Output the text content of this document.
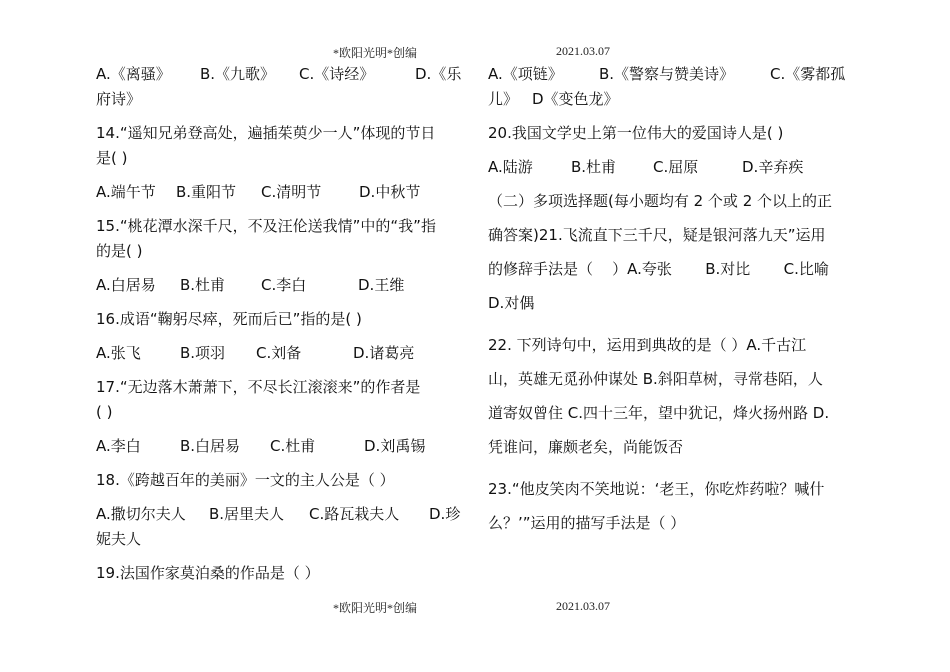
*欧阳光明*创编	2021.03.07

A.《离骚》 B.《九歌》 C.《诗经》	D.《乐

府诗》

14.“遥知兄弟登高处，遍插茱萸少一人”体现的节日

是( )

A.端午节 B.重阳节 C.清明节	D.中秋节

15.“桃花潭水深千尺，不及汪伦送我情”中的“我”指

的是( )

A.白居易 B.杜甫 C.李白	D.王维

16.成语“鞠躬尽瘁，死而后已”指的是( )

A.张飞	B.项羽 C.刘备	D.诸葛亮

17.“无边落木萧萧下，不尽长江滚滚来”的作者是

( )

A.李白	B.白居易 C.杜甫	D.刘禹锡

18.《跨越百年的美丽》一文的主人公是（ ）

A.撒切尔夫人 B.居里夫人 C.路瓦栽夫人 D.珍

妮夫人

19.法国作家莫泊桑的作品是（ ）

A.《项链》 B.《警察与赞美诗》 C.《雾都孤

儿》 D《变色龙》

20.我国文学史上第一位伟大的爱国诗人是( )

A.陆游	B.杜甫 C.屈原	D.辛弃疾

（二）多项选择题(每小题均有 2 个或 2 个以上的正

确答案)21.飞流直下三千尺，疑是银河落九天”运用

的修辞手法是（    ）A.夸张       B.对比       C.比喻

D.对偶

22. 下列诗句中，运用到典故的是（ ）A.千古江

山，英雄无觅孙仲谋处 B.斜阳草树，寻常巷陌，人

道寄奴曾住 C.四十三年，望中犹记，烽火扬州路 D.

凭谁问，廉颇老矣，尚能饭否

23.“他皮笑肉不笑地说：‘老王，你吃炸药啦？喊什

么？’”运用的描写手法是（ ）

*欧阳光明*创编	2021.03.07
